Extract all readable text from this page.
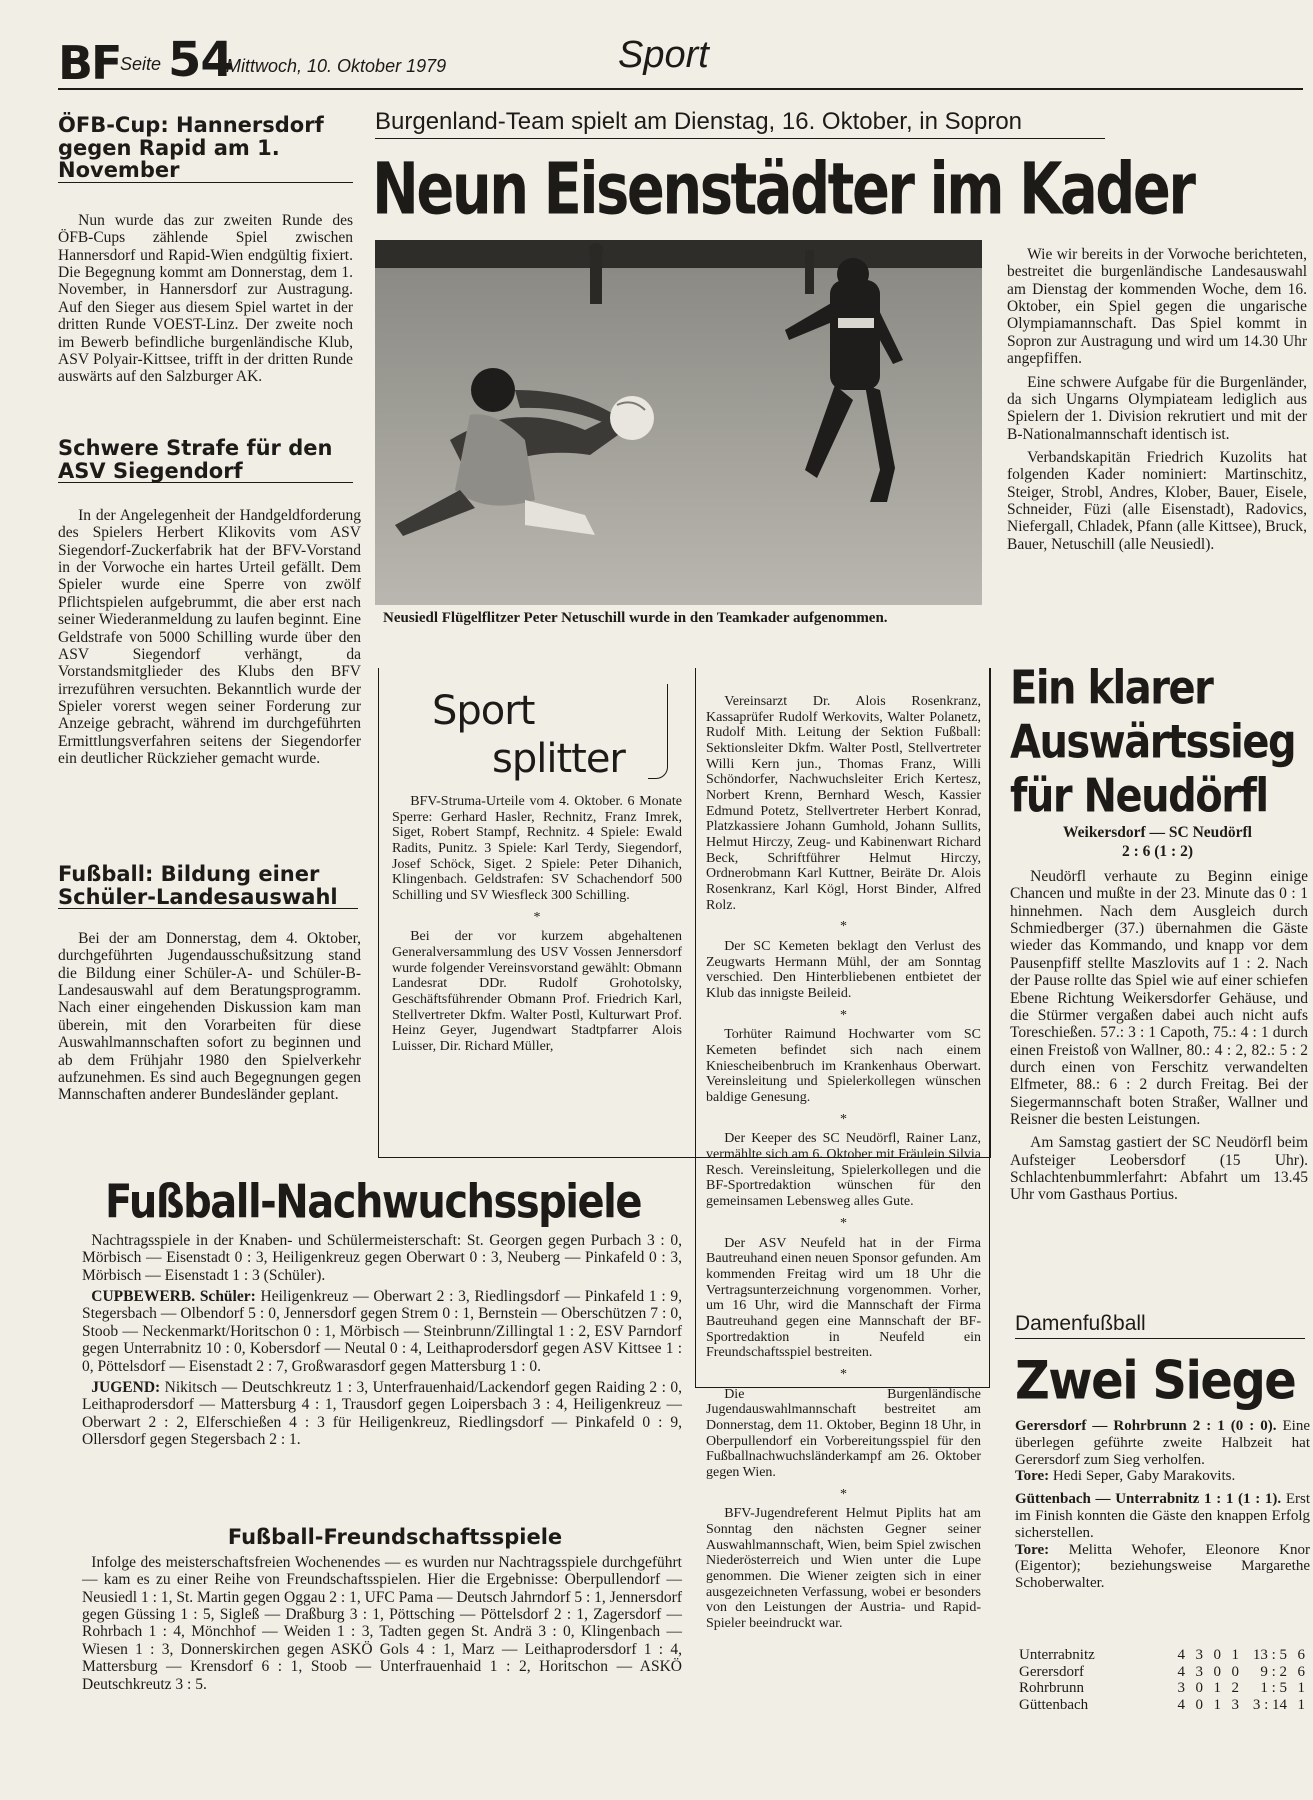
BF Seite 54
Mittwoch, 10. Oktober 1979	Sport
ÖFB-Cup: Hannersdorf gegen Rapid am 1. November

Nun wurde das zur zweiten Runde des ÖFB-Cups zählende Spiel zwischen Hannersdorf und Rapid-Wien endgültig fixiert. Die Begegnung kommt am Donnerstag, dem 1. November, in Hannersdorf zur Austragung. Auf den Sieger aus diesem Spiel wartet in der dritten Runde VOEST-Linz. Der zweite noch im Bewerb befindliche burgenländische Klub, ASV Polyair-Kittsee, trifft in der dritten Runde auswärts auf den Salzburger AK.

Schwere Strafe für den ASV Siegendorf

In der Angelegenheit der Handgeldforderung des Spielers Herbert Klikovits vom ASV Siegendorf-Zuckerfabrik hat der BFV-Vorstand in der Vorwoche ein hartes Urteil gefällt. Dem Spieler wurde eine Sperre von zwölf Pflichtspielen aufgebrummt, die aber erst nach seiner Wiederanmeldung zu laufen beginnt. Eine Geldstrafe von 5000 Schilling wurde über den ASV Siegendorf verhängt, da Vorstandsmitglieder des Klubs den BFV irrezuführen versuchten. Bekanntlich wurde der Spieler vorerst wegen seiner Forderung zur Anzeige gebracht, während im durchgeführten Ermittlungsverfahren seitens der Siegendorfer ein deutlicher Rückzieher gemacht wurde.

Fußball: Bildung einer Schüler-Landesauswahl

Bei der am Donnerstag, dem 4. Oktober, durchgeführten Jugendausschußsitzung stand die Bildung einer Schüler-A- und Schüler-B-Landesauswahl auf dem Beratungsprogramm. Nach einer eingehenden Diskussion kam man überein, mit den Vorarbeiten für diese Auswahlmannschaften sofort zu beginnen und ab dem Frühjahr 1980 den Spielverkehr aufzunehmen. Es sind auch Begegnungen gegen Mannschaften anderer Bundesländer geplant.

Burgenland-Team spielt am Dienstag, 16. Oktober, in Sopron
Neun Eisenstädter im Kader
Neusiedl Flügelflitzer Peter Netuschill wurde in den Teamkader aufgenommen.

Wie wir bereits in der Vorwoche berichteten, bestreitet die burgenländische Landesauswahl am Dienstag der kommenden Woche, dem 16. Oktober, ein Spiel gegen die ungarische Olympiamannschaft. Das Spiel kommt in Sopron zur Austragung und wird um 14.30 Uhr angepfiffen.

Eine schwere Aufgabe für die Burgenländer, da sich Ungarns Olympiateam lediglich aus Spielern der 1. Division rekrutiert und mit der B-Nationalmannschaft identisch ist.

Verbandskapitän Friedrich Kuzolits hat folgenden Kader nominiert: Martinschitz, Steiger, Strobl, Andres, Klober, Bauer, Eisele, Schneider, Füzi (alle Eisenstadt), Radovics, Niefergall, Chladek, Pfann (alle Kittsee), Bruck, Bauer, Netuschill (alle Neusiedl).

Sport
splitter

BFV-Struma-Urteile vom 4. Oktober. 6 Monate Sperre: Gerhard Hasler, Rechnitz, Franz Imrek, Siget, Robert Stampf, Rechnitz. 4 Spiele: Ewald Radits, Punitz. 3 Spiele: Karl Terdy, Siegendorf, Josef Schöck, Siget. 2 Spiele: Peter Dihanich, Klingenbach. Geldstrafen: SV Schachendorf 500 Schilling und SV Wiesfleck 300 Schilling.

*

Bei der vor kurzem abgehaltenen Generalversammlung des USV Vossen Jennersdorf wurde folgender Vereinsvorstand gewählt: Obmann Landesrat DDr. Rudolf Grohotolsky, Geschäftsführender Obmann Prof. Friedrich Karl, Stellvertreter Dkfm. Walter Postl, Kulturwart Prof. Heinz Geyer, Jugendwart Stadtpfarrer Alois Luisser, Dir. Richard Müller,

Vereinsarzt Dr. Alois Rosenkranz, Kassaprüfer Rudolf Werkovits, Walter Polanetz, Rudolf Mith. Leitung der Sektion Fußball: Sektionsleiter Dkfm. Walter Postl, Stellvertreter Willi Kern jun., Thomas Franz, Willi Schöndorfer, Nachwuchsleiter Erich Kertesz, Norbert Krenn, Bernhard Wesch, Kassier Edmund Potetz, Stellvertreter Herbert Konrad, Platzkassiere Johann Gumhold, Johann Sullits, Helmut Hirczy, Zeug- und Kabinenwart Richard Beck, Schriftführer Helmut Hirczy, Ordnerobmann Karl Kuttner, Beiräte Dr. Alois Rosenkranz, Karl Kögl, Horst Binder, Alfred Rolz.

*

Der SC Kemeten beklagt den Verlust des Zeugwarts Hermann Mühl, der am Sonntag verschied. Den Hinterbliebenen entbietet der Klub das innigste Beileid.

*

Torhüter Raimund Hochwarter vom SC Kemeten befindet sich nach einem Kniescheibenbruch im Krankenhaus Oberwart. Vereinsleitung und Spielerkollegen wünschen baldige Genesung.

*

Der Keeper des SC Neudörfl, Rainer Lanz, vermählte sich am 6. Oktober mit Fräulein Silvia Resch. Vereinsleitung, Spielerkollegen und die BF-Sportredaktion wünschen für den gemeinsamen Lebensweg alles Gute.

*

Der ASV Neufeld hat in der Firma Bautreuhand einen neuen Sponsor gefunden. Am kommenden Freitag wird um 18 Uhr die Vertragsunterzeichnung vorgenommen. Vorher, um 16 Uhr, wird die Mannschaft der Firma Bautreuhand gegen eine Mannschaft der BF-Sportredaktion in Neufeld ein Freundschaftsspiel bestreiten.

*

Die Burgenländische Jugendauswahlmannschaft bestreitet am Donnerstag, dem 11. Oktober, Beginn 18 Uhr, in Oberpullendorf ein Vorbereitungsspiel für den Fußballnachwuchsländerkampf am 26. Oktober gegen Wien.

*

BFV-Jugendreferent Helmut Piplits hat am Sonntag den nächsten Gegner seiner Auswahlmannschaft, Wien, beim Spiel zwischen Niederösterreich und Wien unter die Lupe genommen. Die Wiener zeigten sich in einer ausgezeichneten Verfassung, wobei er besonders von den Leistungen der Austria- und Rapid-Spieler beeindruckt war.

Ein klarer Auswärtssieg für Neudörfl
Weikersdorf — SC Neudörfl
2 : 6 (1 : 2)

Neudörfl verhaute zu Beginn einige Chancen und mußte in der 23. Minute das 0 : 1 hinnehmen. Nach dem Ausgleich durch Schmiedberger (37.) übernahmen die Gäste wieder das Kommando, und knapp vor dem Pausenpfiff stellte Maszlovits auf 1 : 2. Nach der Pause rollte das Spiel wie auf einer schiefen Ebene Richtung Weikersdorfer Gehäuse, und die Stürmer vergaßen dabei auch nicht aufs Toreschießen. 57.: 3 : 1 Capoth, 75.: 4 : 1 durch einen Freistoß von Wallner, 80.: 4 : 2, 82.: 5 : 2 durch einen von Ferschitz verwandelten Elfmeter, 88.: 6 : 2 durch Freitag. Bei der Siegermannschaft boten Straßer, Wallner und Reisner die besten Leistungen.

Am Samstag gastiert der SC Neudörfl beim Aufsteiger Leobersdorf (15 Uhr). Schlachtenbummlerfahrt: Abfahrt um 13.45 Uhr vom Gasthaus Portius.

Damenfußball
Zwei Siege

Gerersdorf — Rohrbrunn 2 : 1 (0 : 0). Eine überlegen geführte zweite Halbzeit hat Gerersdorf zum Sieg verholfen.
Tore: Hedi Seper, Gaby Marakovits.

Güttenbach — Unterrabnitz 1 : 1 (1 : 1). Erst im Finish konnten die Gäste den knappen Erfolg sicherstellen.
Tore: Melitta Wehofer, Eleonore Knor (Eigentor); beziehungsweise Margarethe Schoberwalter.

Unterrabnitz	4	3	0	1	13 : 5	6
Gerersdorf	4	3	0	0	9 : 2	6
Rohrbrunn	3	0	1	2	1 : 5	1
Güttenbach	4	0	1	3	3 : 14	1
Fußball-Nachwuchsspiele

Nachtragsspiele in der Knaben- und Schülermeisterschaft: St. Georgen gegen Purbach 3 : 0, Mörbisch — Eisenstadt 0 : 3, Heiligenkreuz gegen Oberwart 0 : 3, Neuberg — Pinkafeld 0 : 3, Mörbisch — Eisenstadt 1 : 3 (Schüler).

CUPBEWERB. Schüler: Heiligenkreuz — Oberwart 2 : 3, Riedlingsdorf — Pinkafeld 1 : 9, Stegersbach — Olbendorf 5 : 0, Jennersdorf gegen Strem 0 : 1, Bernstein — Oberschützen 7 : 0, Stoob — Neckenmarkt/Horitschon 0 : 1, Mörbisch — Steinbrunn/Zillingtal 1 : 2, ESV Parndorf gegen Unterrabnitz 10 : 0, Kobersdorf — Neutal 0 : 4, Leithaprodersdorf gegen ASV Kittsee 1 : 0, Pöttelsdorf — Eisenstadt 2 : 7, Großwarasdorf gegen Mattersburg 1 : 0.

JUGEND: Nikitsch — Deutschkreutz 1 : 3, Unterfrauenhaid/Lackendorf gegen Raiding 2 : 0, Leithaprodersdorf — Mattersburg 4 : 1, Trausdorf gegen Loipersbach 3 : 4, Heiligenkreuz — Oberwart 2 : 2, Elferschießen 4 : 3 für Heiligenkreuz, Riedlingsdorf — Pinkafeld 0 : 9, Ollersdorf gegen Stegersbach 2 : 1.

Fußball-Freundschaftsspiele

Infolge des meisterschaftsfreien Wochenendes — es wurden nur Nachtragsspiele durchgeführt — kam es zu einer Reihe von Freundschaftsspielen. Hier die Ergebnisse: Oberpullendorf — Neusiedl 1 : 1, St. Martin gegen Oggau 2 : 1, UFC Pama — Deutsch Jahrndorf 5 : 1, Jennersdorf gegen Güssing 1 : 5, Sigleß — Draßburg 3 : 1, Pöttsching — Pöttelsdorf 2 : 1, Zagersdorf — Rohrbach 1 : 4, Mönchhof — Weiden 1 : 3, Tadten gegen St. Andrä 3 : 0, Klingenbach — Wiesen 1 : 3, Donnerskirchen gegen ASKÖ Gols 4 : 1, Marz — Leithaprodersdorf 1 : 4, Mattersburg — Krensdorf 6 : 1, Stoob — Unterfrauenhaid 1 : 2, Horitschon — ASKÖ Deutschkreutz 3 : 5.
